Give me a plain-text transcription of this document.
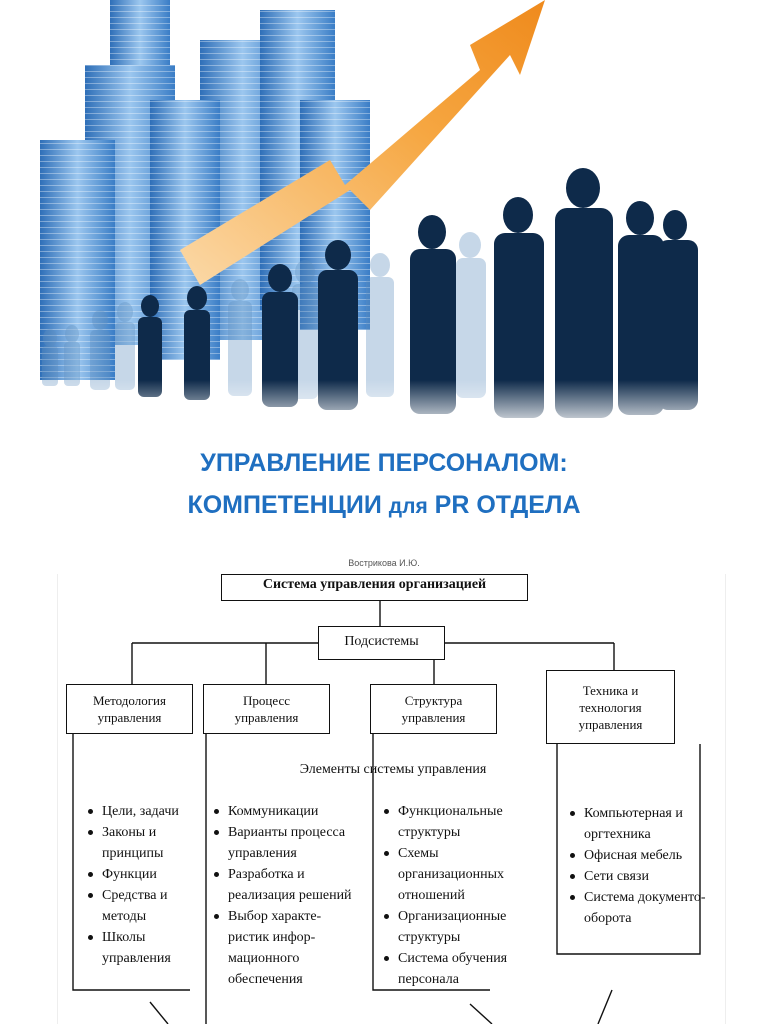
УПРАВЛЕНИЕ ПЕРСОНАЛОМ:
КОМПЕТЕНЦИИ для PR ОТДЕЛА
Вострикова И.Ю.
Система управления организацией
Подсистемы
Методология
управления
Процесс
управления
Структура
управления
Техника и
технология
управления
Элементы системы управления
Цели, задачи
Законы и принципы
Функции
Средства и методы
Школы управления
Коммуникации
Варианты процесса управления
Разработка и реализация решений
Выбор характе-ристик инфор-мационного обеспечения
Функциональные структуры
Схемы организационных отношений
Организационные структуры
Система обучения персонала
Компьютерная и оргтехника
Офисная мебель
Сети связи
Система документо-оборота
